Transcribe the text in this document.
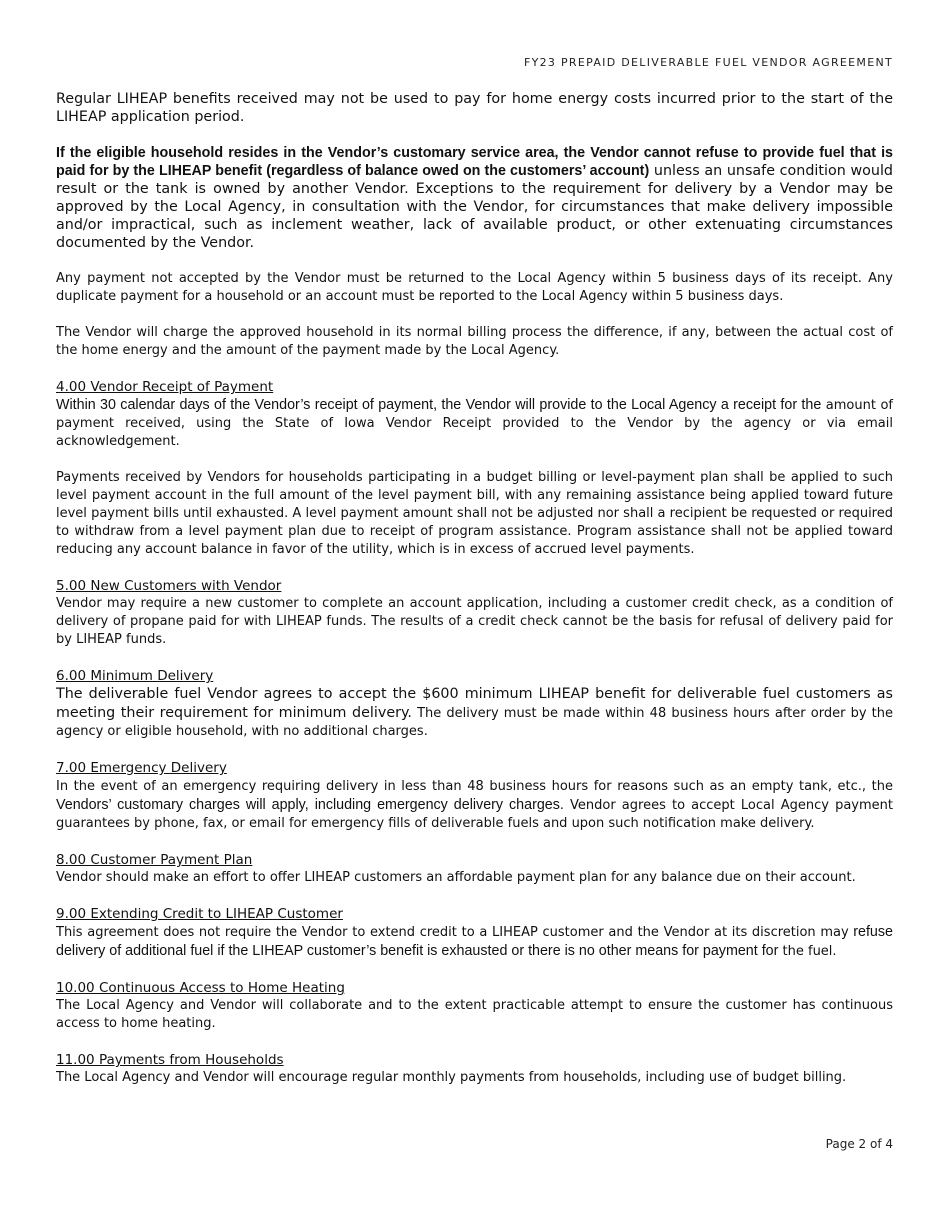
FY23 PREPAID DELIVERABLE FUEL VENDOR AGREEMENT

Regular LIHEAP benefits received may not be used to pay for home energy costs incurred prior to the start of the LIHEAP application period.

If the eligible household resides in the Vendor’s customary service area, the Vendor cannot refuse to provide fuel that is paid for by the LIHEAP benefit (regardless of balance owed on the customers’ account) unless an unsafe condition would result or the tank is owned by another Vendor. Exceptions to the requirement for delivery by a Vendor may be approved by the Local Agency, in consultation with the Vendor, for circumstances that make delivery impossible and/or impractical, such as inclement weather, lack of available product, or other extenuating circumstances documented by the Vendor.

Any payment not accepted by the Vendor must be returned to the Local Agency within 5 business days of its receipt. Any duplicate payment for a household or an account must be reported to the Local Agency within 5 business days.

The Vendor will charge the approved household in its normal billing process the difference, if any, between the actual cost of the home energy and the amount of the payment made by the Local Agency.

4.00 Vendor Receipt of Payment

Within 30 calendar days of the Vendor’s receipt of payment, the Vendor will provide to the Local Agency a receipt for the amount of payment received, using the State of Iowa Vendor Receipt provided to the Vendor by the agency or via email acknowledgement.

Payments received by Vendors for households participating in a budget billing or level-payment plan shall be applied to such level payment account in the full amount of the level payment bill, with any remaining assistance being applied toward future level payment bills until exhausted. A level payment amount shall not be adjusted nor shall a recipient be requested or required to withdraw from a level payment plan due to receipt of program assistance. Program assistance shall not be applied toward reducing any account balance in favor of the utility, which is in excess of accrued level payments.

5.00 New Customers with Vendor

Vendor may require a new customer to complete an account application, including a customer credit check, as a condition of delivery of propane paid for with LIHEAP funds. The results of a credit check cannot be the basis for refusal of delivery paid for by LIHEAP funds.

6.00 Minimum Delivery

The deliverable fuel Vendor agrees to accept the $600 minimum LIHEAP benefit for deliverable fuel customers as meeting their requirement for minimum delivery. The delivery must be made within 48 business hours after order by the agency or eligible household, with no additional charges.

7.00 Emergency Delivery

In the event of an emergency requiring delivery in less than 48 business hours for reasons such as an empty tank, etc., the Vendors’ customary charges will apply, including emergency delivery charges. Vendor agrees to accept Local Agency payment guarantees by phone, fax, or email for emergency fills of deliverable fuels and upon such notification make delivery.

8.00 Customer Payment Plan

Vendor should make an effort to offer LIHEAP customers an affordable payment plan for any balance due on their account.

9.00 Extending Credit to LIHEAP Customer

This agreement does not require the Vendor to extend credit to a LIHEAP customer and the Vendor at its discretion may refuse delivery of additional fuel if the LIHEAP customer’s benefit is exhausted or there is no other means for payment for the fuel.

10.00 Continuous Access to Home Heating

The Local Agency and Vendor will collaborate and to the extent practicable attempt to ensure the customer has continuous access to home heating.

11.00 Payments from Households

The Local Agency and Vendor will encourage regular monthly payments from households, including use of budget billing.

Page 2 of 4
